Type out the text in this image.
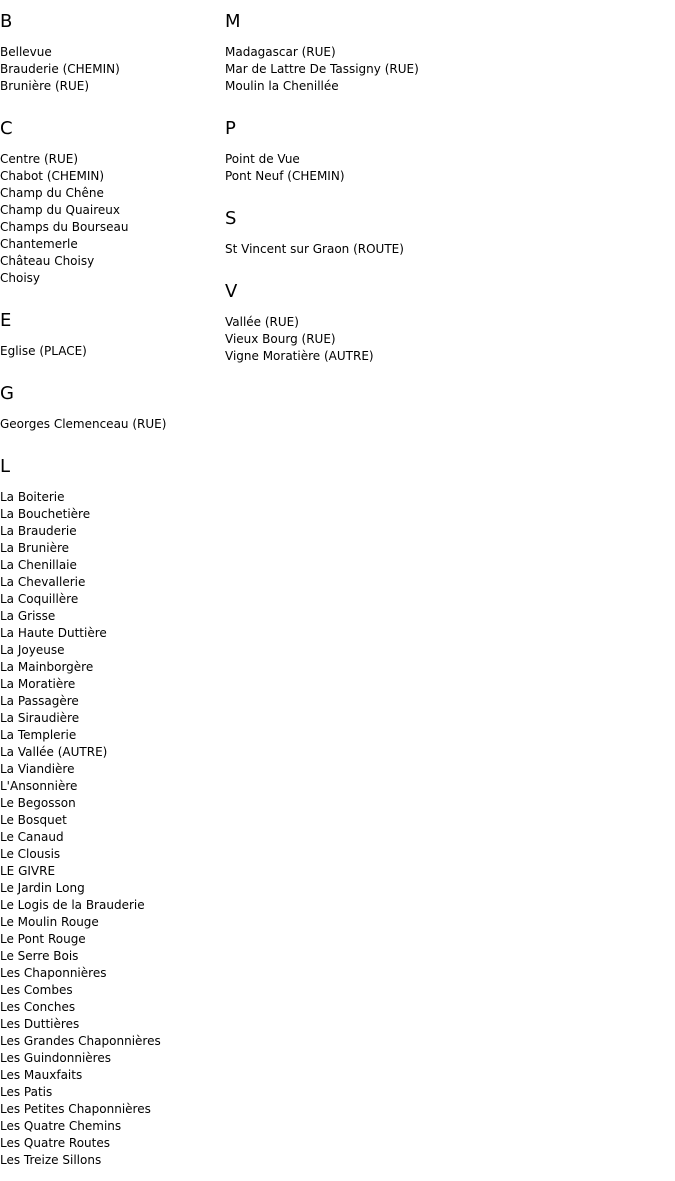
B
Bellevue
Brauderie (CHEMIN)
Brunière (RUE)
C
Centre (RUE)
Chabot (CHEMIN)
Champ du Chêne
Champ du Quaireux
Champs du Bourseau
Chantemerle
Château Choisy
Choisy
E
Eglise (PLACE)
G
Georges Clemenceau (RUE)
L
La Boiterie
La Bouchetière
La Brauderie
La Brunière
La Chenillaie
La Chevallerie
La Coquillère
La Grisse
La Haute Duttière
La Joyeuse
La Mainborgère
La Moratière
La Passagère
La Siraudière
La Templerie
La Vallée (AUTRE)
La Viandière
L'Ansonnière
Le Begosson
Le Bosquet
Le Canaud
Le Clousis
LE GIVRE
Le Jardin Long
Le Logis de la Brauderie
Le Moulin Rouge
Le Pont Rouge
Le Serre Bois
Les Chaponnières
Les Combes
Les Conches
Les Duttières
Les Grandes Chaponnières
Les Guindonnières
Les Mauxfaits
Les Patis
Les Petites Chaponnières
Les Quatre Chemins
Les Quatre Routes
Les Treize Sillons
M
Madagascar (RUE)
Mar de Lattre De Tassigny (RUE)
Moulin la Chenillée
P
Point de Vue
Pont Neuf (CHEMIN)
S
St Vincent sur Graon (ROUTE)
V
Vallée (RUE)
Vieux Bourg (RUE)
Vigne Moratière (AUTRE)
